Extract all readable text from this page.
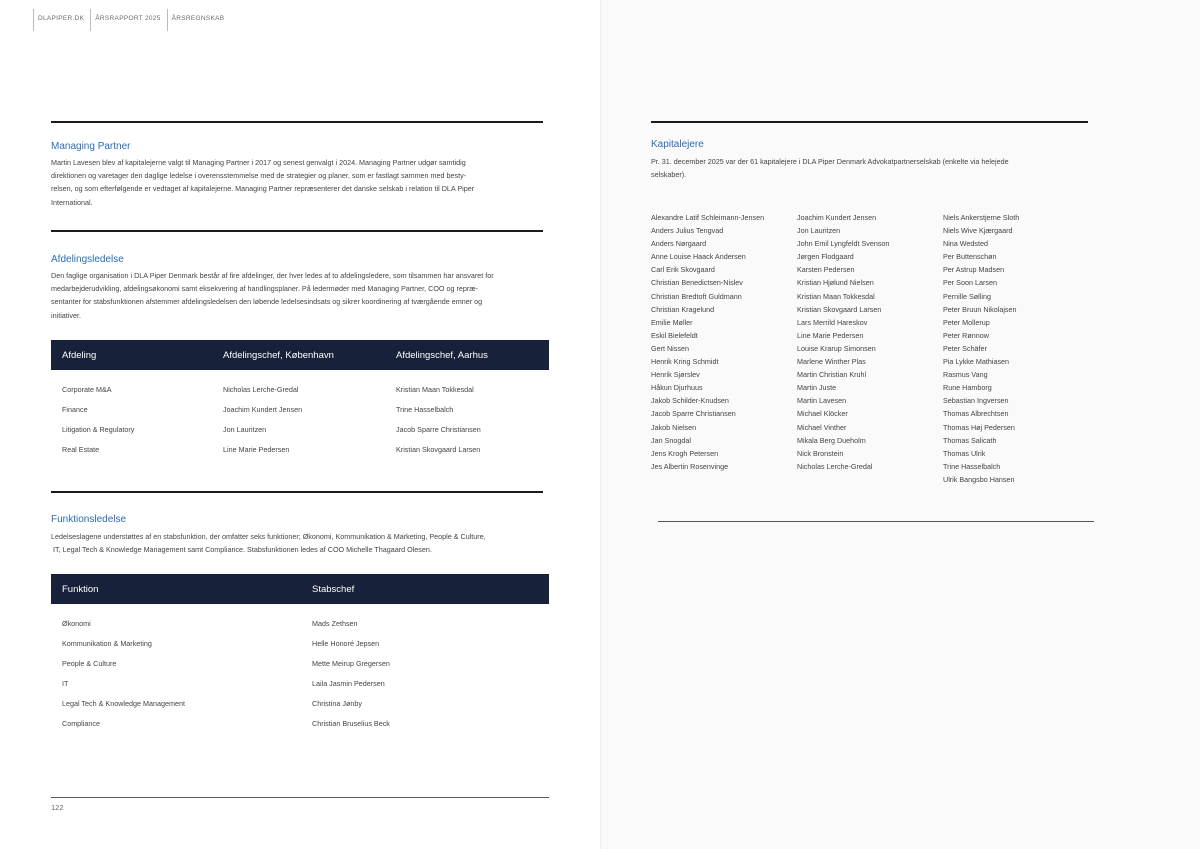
DLAPIPER.DK	ÅRSRAPPORT 2025	ÅRSREGNSKAB
Managing Partner
Martin Lavesen blev af kapitalejerne valgt til Managing Partner i 2017 og senest genvalgt i 2024. Managing Partner udgør samtidig
direktionen og varetager den daglige ledelse i overensstemmelse med de strategier og planer, som er fastlagt sammen med besty-
relsen, og som efterfølgende er vedtaget af kapitalejerne. Managing Partner repræsenterer det danske selskab i relation til DLA Piper
International.
Afdelingsledelse
Den faglige organisation i DLA Piper Denmark består af fire afdelinger, der hver ledes af to afdelingsledere, som tilsammen har ansvaret for
medarbejderudvikling, afdelingsøkonomi samt eksekvering af handlingsplaner. På ledermøder med Managing Partner, COO og repræ-
sentanter for stabsfunktionen afstemmer afdelingsledelsen den løbende ledelsesindsats og sikrer koordinering af tværgående emner og
initiativer.
Afdeling	Afdelingschef, København	Afdelingschef, Aarhus
Corporate M&A	Nicholas Lerche-Gredal	Kristian Maan Tokkesdal
Finance	Joachim Kundert Jensen	Trine Hasselbalch
Litigation & Regulatory	Jon Lauritzen	Jacob Sparre Christiansen
Real Estate	Line Marie Pedersen	Kristian Skovgaard Larsen
Funktionsledelse
Ledelseslagene understøttes af en stabsfunktion, der omfatter seks funktioner; Økonomi, Kommunikation & Marketing, People & Culture,
IT, Legal Tech & Knowledge Management samt Compliance. Stabsfunktionen ledes af COO Michelle Thagaard Olesen.
Funktion	Stabschef
Økonomi	Mads Zethsen
Kommunikation & Marketing	Helle Honoré Jepsen
People & Culture	Mette Meirup Gregersen
IT	Laila Jasmin Pedersen
Legal Tech & Knowledge Management	Christina Jønby
Compliance	Christian Bruselius Beck
122
Kapitalejere
Pr. 31. december 2025 var der 61 kapitalejere i DLA Piper Denmark Advokatpartnerselskab (enkelte via helejede
selskaber).
Alexandre Latif Schleimann-Jensen
Anders Julius Tengvad
Anders Nørgaard
Anne Louise Haack Andersen
Carl Erik Skovgaard
Christian Benedictsen-Nislev
Christian Bredtoft Guldmann
Christian Kragelund
Emilie Møller
Eskil Bielefeldt
Gert Nissen
Henrik Kring Schmidt
Henrik Sjørslev
Håkun Djurhuus
Jakob Schilder-Knudsen
Jacob Sparre Christiansen
Jakob Nielsen
Jan Snogdal
Jens Krogh Petersen
Jes Albertin Rosenvinge
Joachim Kundert Jensen
Jon Lauritzen
John Emil Lyngfeldt Svenson
Jørgen Flodgaard
Karsten Pedersen
Kristian Hjølund Nielsen
Kristian Maan Tokkesdal
Kristian Skovgaard Larsen
Lars Merrild Hareskov
Line Marie Pedersen
Louise Krarup Simonsen
Marlene Winther Plas
Martin Christian Kruhl
Martin Juste
Martin Lavesen
Michael Klöcker
Michael Vinther
Mikala Berg Dueholm
Nick Bronstein
Nicholas Lerche-Gredal
Niels Ankerstjerne Sloth
Niels Wive Kjærgaard
Nina Wedsted
Per Buttenschøn
Per Astrup Madsen
Per Soon Larsen
Pernille Sølling
Peter Bruun Nikolajsen
Peter Mollerup
Peter Rønnow
Peter Schäfer
Pia Lykke Mathiasen
Rasmus Vang
Rune Hamborg
Sebastian Ingversen
Thomas Albrechtsen
Thomas Høj Pedersen
Thomas Salicath
Thomas Ulrik
Trine Hasselbalch
Ulrik Bangsbo Hansen
